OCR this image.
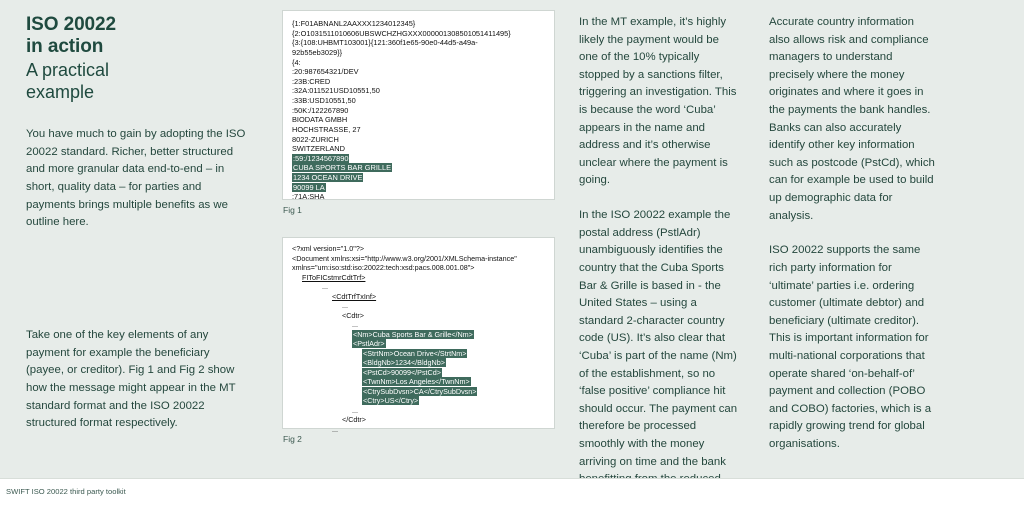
ISO 20022
in action
A practical
example
You have much to gain by adopting the ISO 20022 standard. Richer, better structured and more granular data end-to-end – in short, quality data – for parties and payments brings multiple benefits as we outline here.
Take one of the key elements of any payment for example the beneficiary (payee, or creditor). Fig 1 and Fig 2 show how the message might appear in the MT standard format and the ISO 20022 structured format respectively.
{1:F01ABNANL2AAXXX1234012345}
{2:O1031511010606UBSWCHZHGXXX000001308501051411495}
{3:{108:UHBMT103001}{121:360f1e65-90e0-44d5-a49a-
92b55eb3029}}
{4:
:20:987654321/DEV
:23B:CRED
:32A:011521USD10551,50
:33B:USD10551,50
:50K:/122267890
BIODATA GMBH
HOCHSTRASSE, 27
8022-ZURICH
SWITZERLAND
:59:/1234567890
CUBA SPORTS BAR GRILLE
1234 OCEAN DRIVE
90099 LA
:71A:SHA
Fig 1
<?xml version="1.0"?>
<Document xmlns:xsi="http://www.w3.org/2001/XMLSchema-instance"
xmlns="urn:iso:std:iso:20022:tech:xsd:pacs.008.001.08">
FIToFICstmrCdtTrf>
...
<CdtTrfTxInf>
...
<Cdtr>
...
<Nm>Cuba Sports Bar & Grille</Nm>
<PstlAdr>
<StrtNm>Ocean Drive</StrtNm>
<BldgNb>1234</BldgNb>
<PstCd>90099</PstCd>
<TwnNm>Los Angeles</TwnNm>
<CtrySubDvsn>CA</CtrySubDvsn>
<Ctry>US</Ctry>
...
</Cdtr>
...
Fig 2

In the MT example, it’s highly likely the payment would be one of the 10% typically stopped by a sanctions filter, triggering an investigation. This is because the word ‘Cuba’ appears in the name and address and it’s otherwise unclear where the payment is going.

In the ISO 20022 example the postal address (PstlAdr) unambiguously identifies the country that the Cuba Sports Bar & Grille is based in - the United States – using a standard 2-character country code (US). It’s also clear that ‘Cuba’ is part of the name (Nm) of the establishment, so no ‘false positive’ compliance hit should occur. The payment can therefore be processed smoothly with the money arriving on time and the bank

Accurate country information also allows risk and compliance managers to understand precisely where the money originates and where it goes in the payments the bank handles. Banks can also accurately identify other key information such as postcode (PstCd), which can for example be used to build up demographic data for analysis.

ISO 20022 supports the same rich party information for ‘ultimate’ parties i.e. ordering customer (ultimate debtor) and beneficiary (ultimate creditor). This is important information for multi-national corporations that operate shared ‘on-behalf-of’ payment and collection (POBO and COBO) factories, which is a rapidly growing trend for global organisations.

SWIFT ISO 20022 third party toolkit
